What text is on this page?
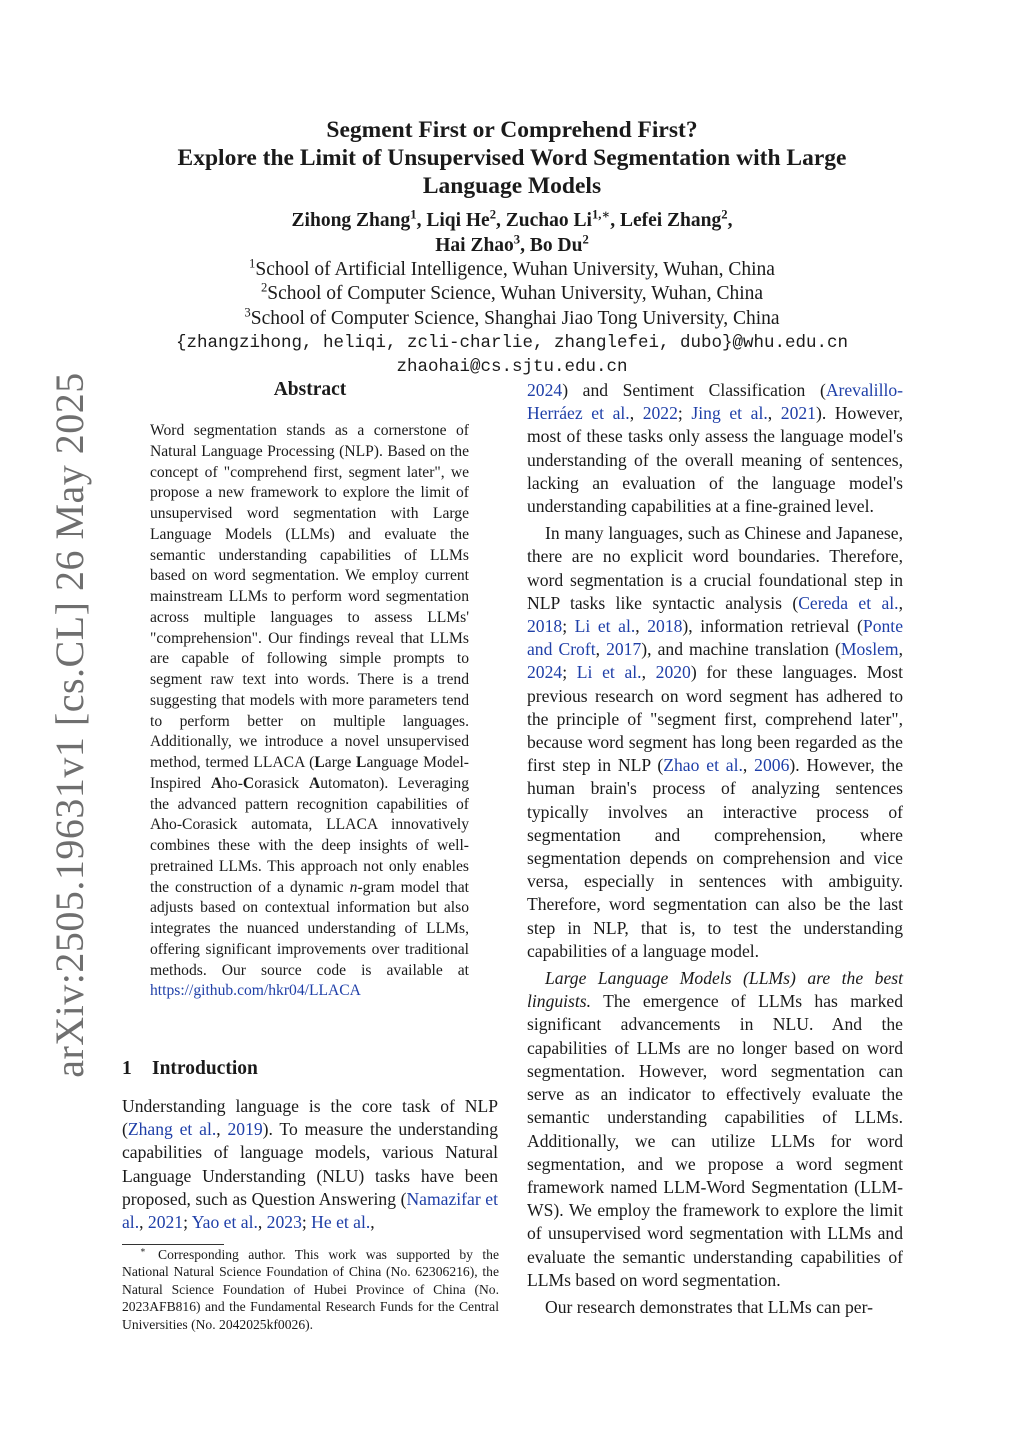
arXiv:2505.19631v1 [cs.CL] 26 May 2025
Segment First or Comprehend First?
Explore the Limit of Unsupervised Word Segmentation with Large
Language Models
Zihong Zhang$^1$, Liqi He$^2$, Zuchao $Li^{1,∗}$, Lefei Zhang$^2$,
Hai Zhao$^3$, Bo Du$^2$
$^1$School of Artificial Intelligence, Wuhan University, Wuhan, China
$^2$School of Computer Science, Wuhan University, Wuhan, China
$^3$School of Computer Science, Shanghai Jiao Tong University, China
{zhangzihong, heliqi, zcli-charlie, zhanglefei, dubo}@whu.edu.cn
zhaohai@cs.sjtu.edu.cn
Abstract
Word segmentation stands as a cornerstone of Natural Language Processing (NLP). Based on the concept of "comprehend first, segment later", we propose a new framework to explore the limit of unsupervised word segmentation with Large Language Models (LLMs) and evaluate the semantic understanding capabilities of LLMs based on word segmentation. We employ current mainstream LLMs to perform word segmentation across multiple languages to assess LLMs' "comprehension". Our findings reveal that LLMs are capable of following simple prompts to segment raw text into words. There is a trend suggesting that models with more parameters tend to perform better on multiple languages. Additionally, we introduce a novel unsupervised method, termed LLACA (Large Language Model-Inspired Aho-Corasick Automaton). Leveraging the advanced pattern recognition capabilities of Aho-Corasick automata, LLACA innovatively combines these with the deep insights of well-pretrained LLMs. This approach not only enables the construction of a dynamic n-gram model that adjusts based on contextual information but also integrates the nuanced understanding of LLMs, offering significant improvements over traditional methods. Our source code is available at https://github.com/hkr04/LLACA
1 Introduction
Understanding language is the core task of NLP (Zhang et al., 2019). To measure the understanding capabilities of language models, various Natural Language Understanding (NLU) tasks have been proposed, such as Question Answering (Namazifar et al., 2021; Yao et al., 2023; He et al.,
∗ Corresponding author. This work was supported by the National Natural Science Foundation of China (No. 62306216), the Natural Science Foundation of Hubei Province of China (No. 2023AFB816) and the Fundamental Research Funds for the Central Universities (No. 2042025kf0026).

2024) and Sentiment Classification (Arevalillo-Herráez et al., 2022; Jing et al., 2021). However, most of these tasks only assess the language model's understanding of the overall meaning of sentences, lacking an evaluation of the language model's understanding capabilities at a fine-grained level.

In many languages, such as Chinese and Japanese, there are no explicit word boundaries. Therefore, word segmentation is a crucial foundational step in NLP tasks like syntactic analysis (Cereda et al., 2018; Li et al., 2018), information retrieval (Ponte and Croft, 2017), and machine translation (Moslem, 2024; Li et al., 2020) for these languages. Most previous research on word segment has adhered to the principle of "segment first, comprehend later", because word segment has long been regarded as the first step in NLP (Zhao et al., 2006). However, the human brain's process of analyzing sentences typically involves an interactive process of segmentation and comprehension, where segmentation depends on comprehension and vice versa, especially in sentences with ambiguity. Therefore, word segmentation can also be the last step in NLP, that is, to test the understanding capabilities of a language model.

Large Language Models (LLMs) are the best linguists. The emergence of LLMs has marked significant advancements in NLU. And the capabilities of LLMs are no longer based on word segmentation. However, word segmentation can serve as an indicator to effectively evaluate the semantic understanding capabilities of LLMs. Additionally, we can utilize LLMs for word segmentation, and we propose a word segment framework named LLM-Word Segmentation (LLM-WS). We employ the framework to explore the limit of unsupervised word segmentation with LLMs and evaluate the semantic understanding capabilities of LLMs based on word segmentation.

Our research demonstrates that LLMs can per-
